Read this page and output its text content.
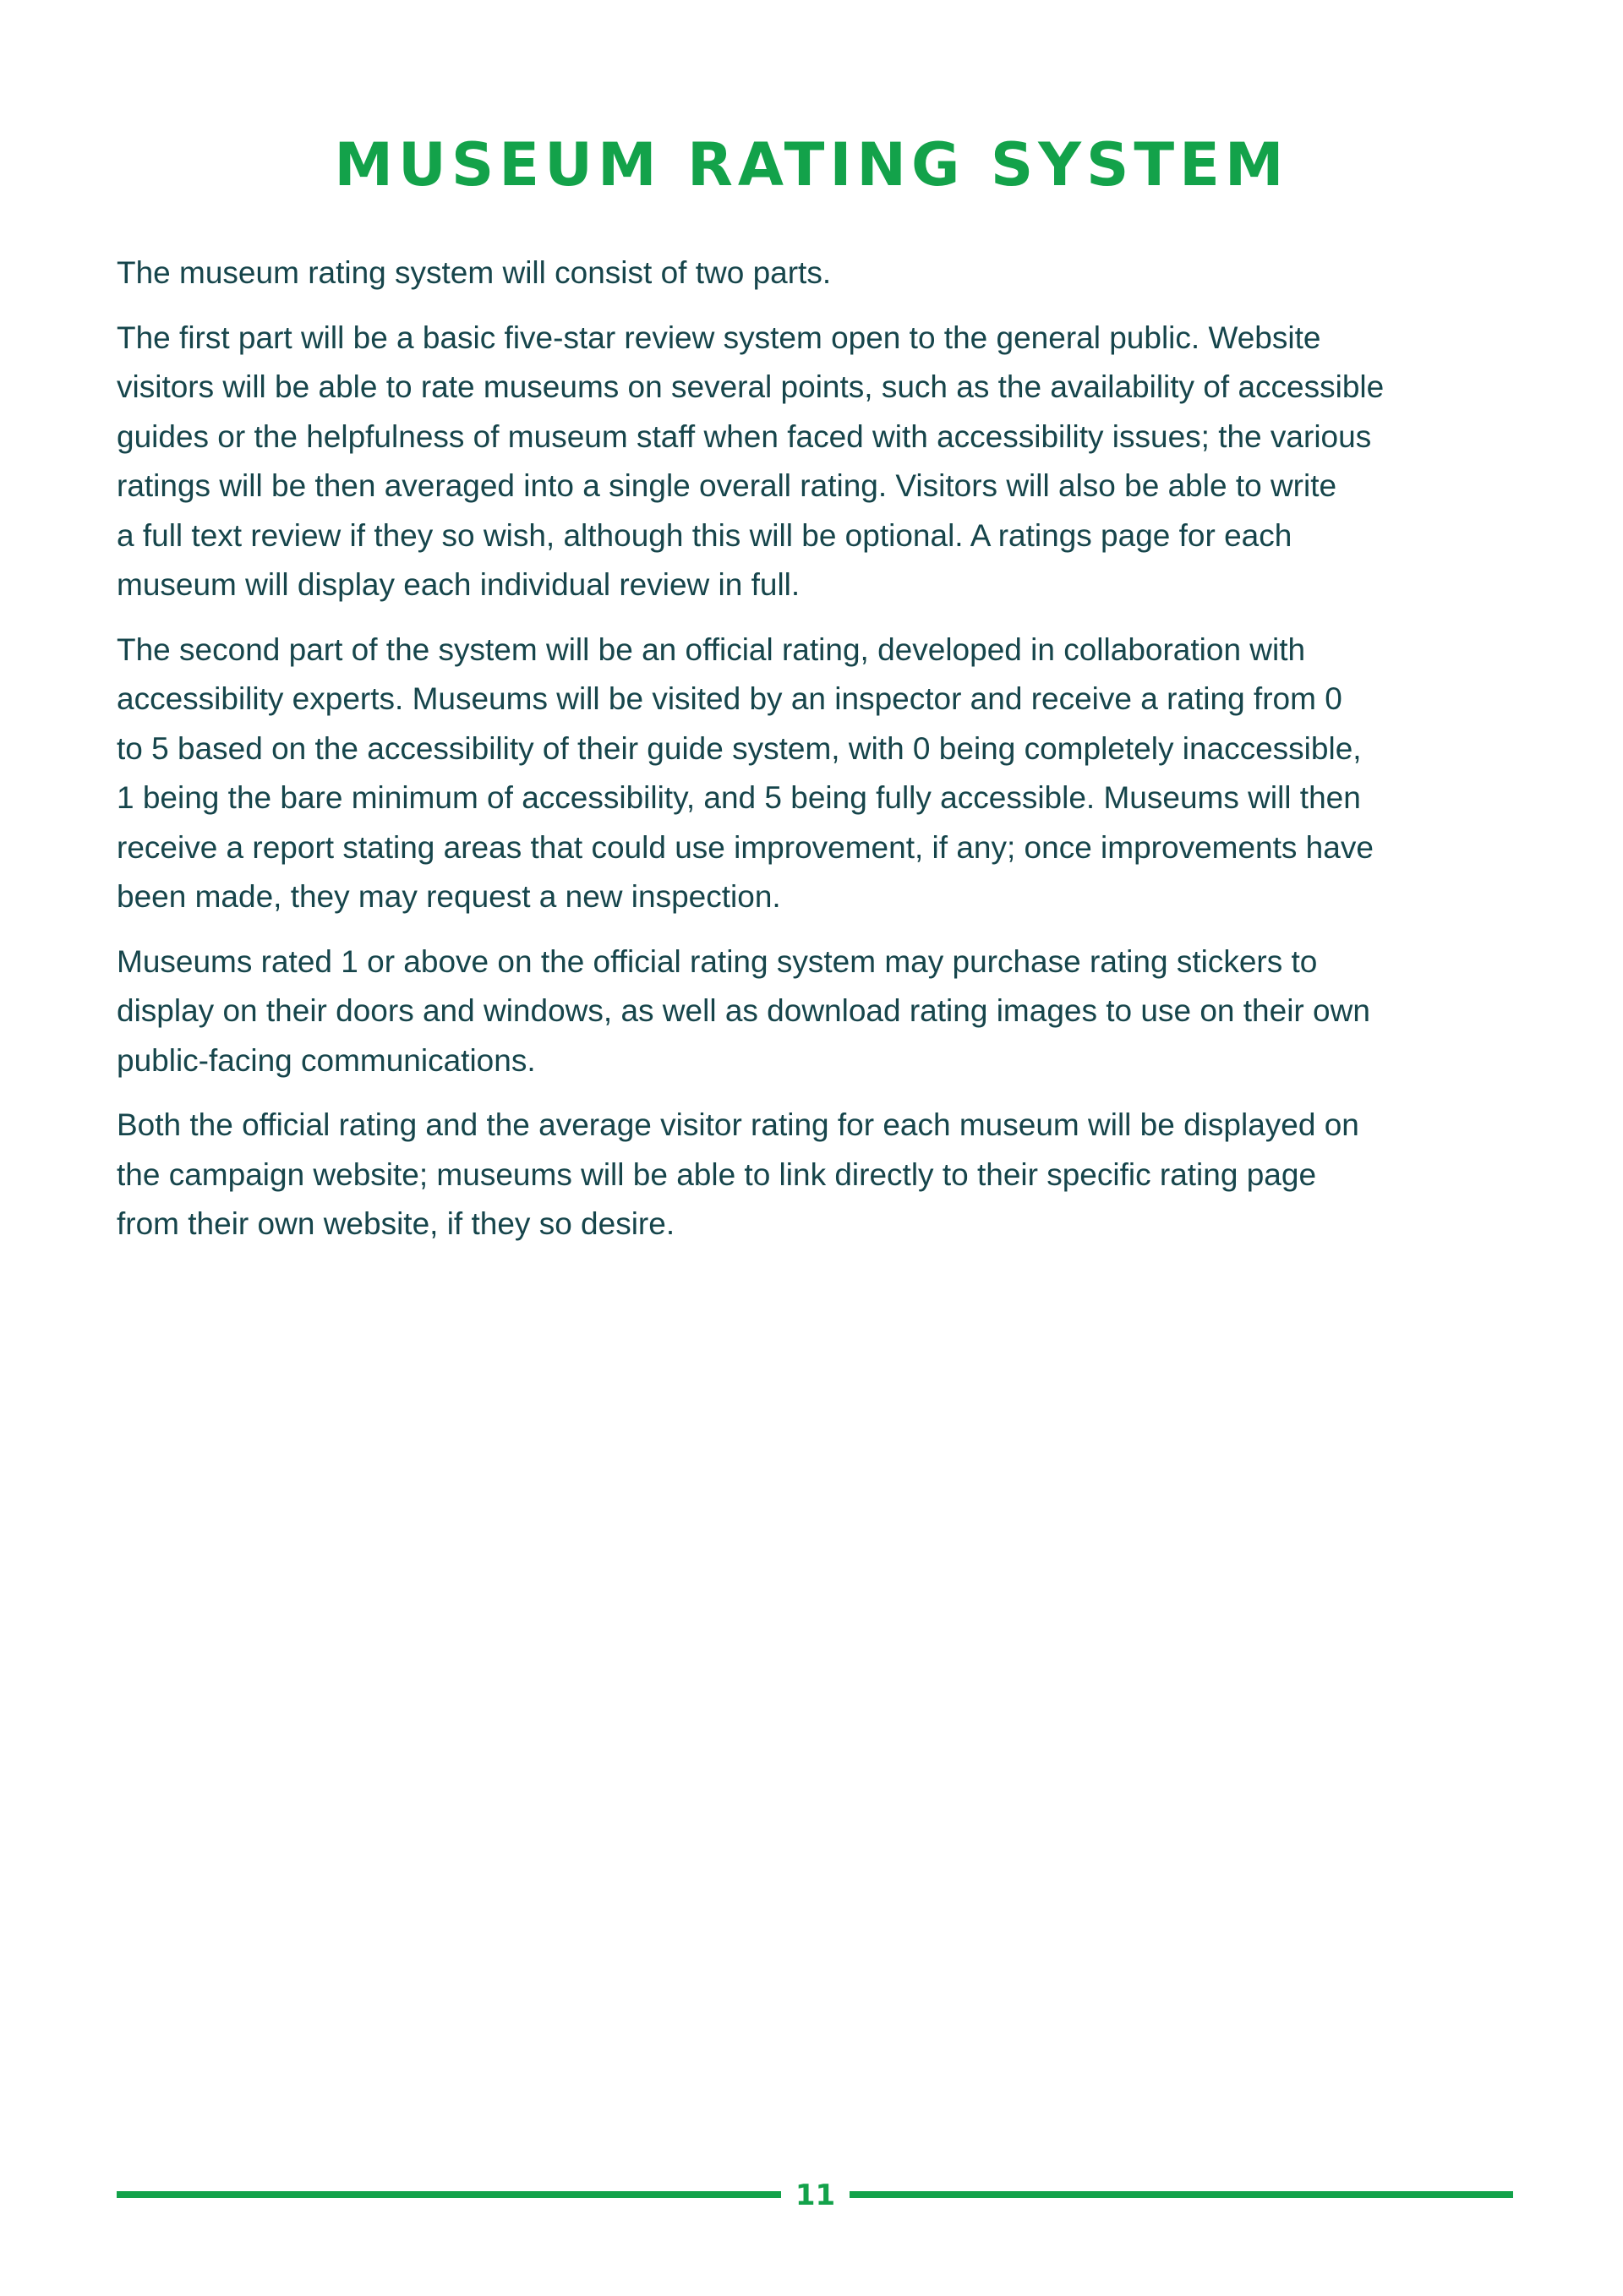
MUSEUM RATING SYSTEM

The museum rating system will consist of two parts.

The first part will be a basic five-star review system open to the general public. Website
visitors will be able to rate museums on several points, such as the availability of accessible
guides or the helpfulness of museum staff when faced with accessibility issues; the various
ratings will be then averaged into a single overall rating. Visitors will also be able to write
a full text review if they so wish, although this will be optional. A ratings page for each
museum will display each individual review in full.

The second part of the system will be an official rating, developed in collaboration with
accessibility experts. Museums will be visited by an inspector and receive a rating from 0
to 5 based on the accessibility of their guide system, with 0 being completely inaccessible,
1 being the bare minimum of accessibility, and 5 being fully accessible. Museums will then
receive a report stating areas that could use improvement, if any; once improvements have
been made, they may request a new inspection.

Museums rated 1 or above on the official rating system may purchase rating stickers to
display on their doors and windows, as well as download rating images to use on their own
public-facing communications.

Both the official rating and the average visitor rating for each museum will be displayed on
the campaign website; museums will be able to link directly to their specific rating page
from their own website, if they so desire.

11
